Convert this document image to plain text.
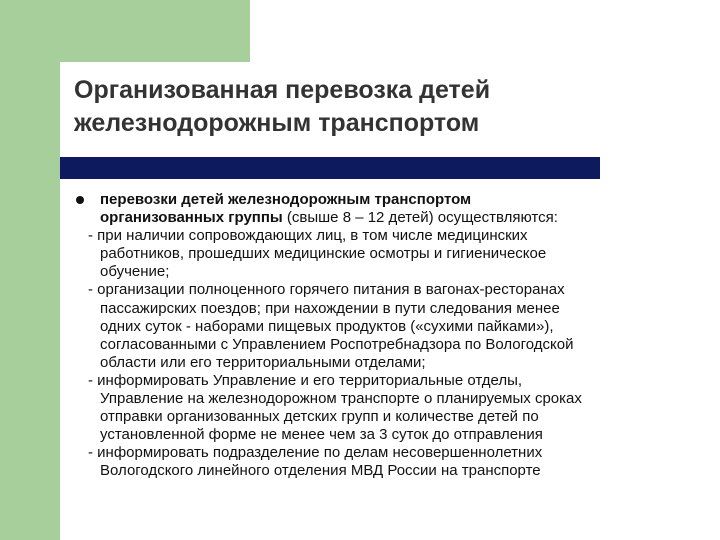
Организованная перевозка детей
железнодорожным транспортом
перевозки детей железнодорожным транспортом
организованных группы (свыше 8 – 12 детей) осуществляются:
- при наличии сопровождающих лиц, в том числе медицинских
работников, прошедших медицинские осмотры и гигиеническое
обучение;
- организации полноценного горячего питания в вагонах-ресторанах
пассажирских поездов; при нахождении в пути следования менее
одних суток - наборами пищевых продуктов («сухими пайками»),
согласованными с Управлением Роспотребнадзора по Вологодской
области или его территориальными отделами;
- информировать Управление и его территориальные отделы,
Управление на железнодорожном транспорте о планируемых сроках
отправки организованных детских групп и количестве детей по
установленной форме не менее чем за 3 суток до отправления
- информировать подразделение по делам несовершеннолетних
Вологодского линейного отделения МВД России на транспорте
